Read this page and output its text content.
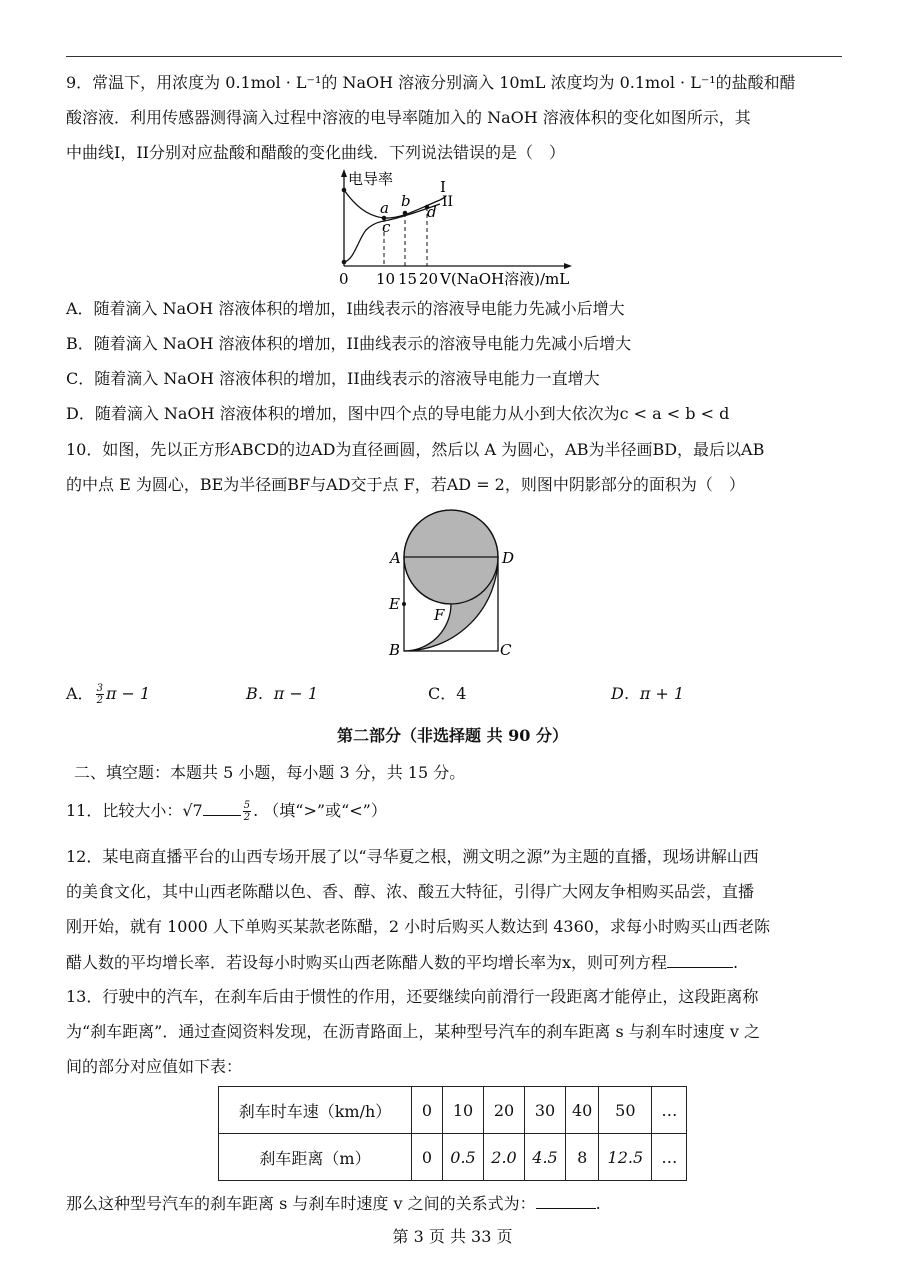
9．常温下，用浓度为 0.1mol · L⁻¹的 NaOH 溶液分别滴入 10mL 浓度均为 0.1mol · L⁻¹的盐酸和醋
酸溶液．利用传感器测得滴入过程中溶液的电导率随加入的 NaOH 溶液体积的变化如图所示，其
中曲线I，II分别对应盐酸和醋酸的变化曲线．下列说法错误的是（　）
电导率
a b
c
d
I
II
0 10 15 20 V(NaOH溶液)/mL
A．随着滴入 NaOH 溶液体积的增加，I曲线表示的溶液导电能力先减小后增大
B．随着滴入 NaOH 溶液体积的增加，II曲线表示的溶液导电能力先减小后增大
C．随着滴入 NaOH 溶液体积的增加，II曲线表示的溶液导电能力一直增大
D．随着滴入 NaOH 溶液体积的增加，图中四个点的导电能力从小到大依次为c < a < b < d
10．如图，先以正方形ABCD的边AD为直径画圆，然后以 A 为圆心，AB为半径画BD，最后以AB
的中点 E 为圆心，BE为半径画BF与AD交于点 F，若AD = 2，则图中阴影部分的面积为（　）
A	D
E
F
B	C
A． $\frac{3}{2}$ π − 1	B．π − 1	C．4	D．π + 1
第二部分（非选择题 共 90 分）
二、填空题：本题共 5 小题，每小题 3 分，共 15 分。
11．比较大小：√7	$\frac{5}{2}$ . （填“>”或“<”）
12．某电商直播平台的山西专场开展了以“寻华夏之根，溯文明之源”为主题的直播，现场讲解山西
的美食文化，其中山西老陈醋以色、香、醇、浓、酸五大特征，引得广大网友争相购买品尝，直播
刚开始，就有 1000 人下单购买某款老陈醋，2 小时后购买人数达到 4360，求每小时购买山西老陈
醋人数的平均增长率．若设每小时购买山西老陈醋人数的平均增长率为x，则可列方程	.
13．行驶中的汽车，在刹车后由于惯性的作用，还要继续向前滑行一段距离才能停止，这段距离称
为“刹车距离”．通过查阅资料发现，在沥青路面上，某种型号汽车的刹车距离 s 与刹车时速度 v 之
间的部分对应值如下表：
刹车时车速（km/h）	0	10	20	30	40	50	…
刹车距离（m）	0	0.5	2.0	4.5	8	12.5	…
那么这种型号汽车的刹车距离 s 与刹车时速度 v 之间的关系式为：	.
第 3 页 共 33 页
